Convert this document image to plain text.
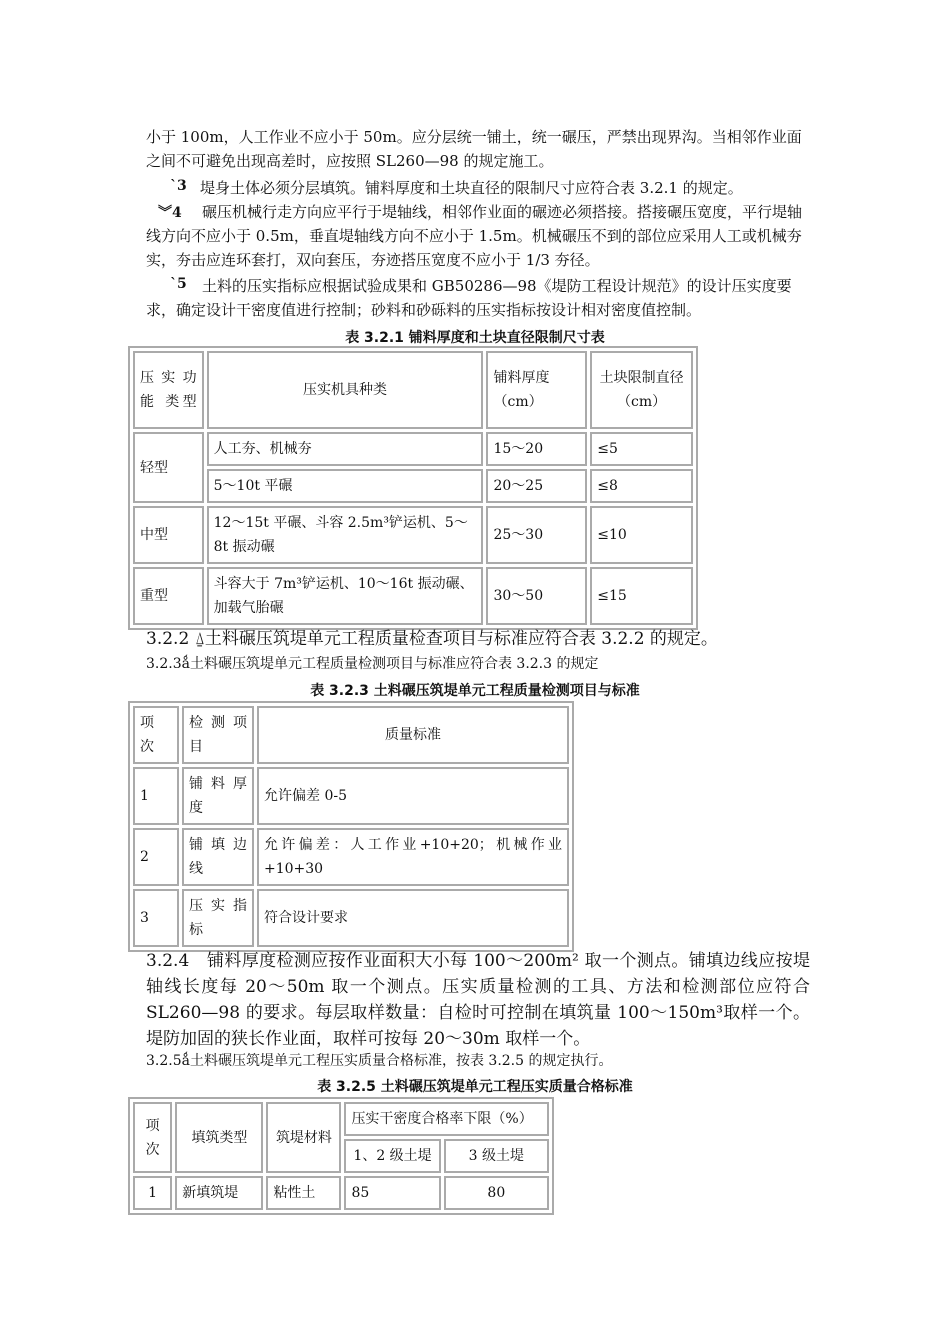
小于 100m，人工作业不应小于 50m。应分层统一铺土，统一碾压，严禁出现界沟。当相邻作业面之间不可避免出现高差时，应按照 SL260—98 的规定施工。
`3 堤身土体必须分层填筑。铺料厚度和土块直径的限制尺寸应符合表 3.2.1 的规定。
︾4	碾压机械行走方向应平行于堤轴线，相邻作业面的碾迹必须搭接。搭接碾压宽度，平行堤轴线方向不应小于 0.5m，垂直堤轴线方向不应小于 1.5m。机械碾压不到的部位应采用人工或机械夯实，夯击应连环套打，双向套压，夯迹搭压宽度不应小于 1/3 夯径。
`5	土料的压实指标应根据试验成果和 GB50286—98《堤防工程设计规范》的设计压实度要求，确定设计干密度值进行控制；砂料和砂砾料的压实指标按设计相对密度值控制。
表 3.2.1 铺料厚度和土块直径限制尺寸表
压 实 功 能 类型	压实机具种类	铺料厚度（cm）	土块限制直径（cm）
轻型	人工夯、机械夯	15～20	≤5
	5～10t 平碾	20～25	≤8
中型	12～15t 平碾、斗容 2.5m³铲运机、5～8t 振动碾	25～30	≤10
重型	斗容大于 7m³铲运机、10～16t 振动碾、加载气胎碾	30～50	≤15
3.2.2 ⍙土料碾压筑堤单元工程质量检查项目与标准应符合表 3.2.2 的规定。
3.2.3ǻ土料碾压筑堤单元工程质量检测项目与标准应符合表 3.2.3 的规定
表 3.2.3 土料碾压筑堤单元工程质量检测项目与标准
项 次	检 测 项 目	质量标准
1	铺 料 厚 度	允许偏差 0-5
2	铺 填 边 线	允许偏差：人工作业+10+20；机械作业+10+30
3	压 实 指 标	符合设计要求
3.2.4　铺料厚度检测应按作业面积大小每 100～200m² 取一个测点。铺填边线应按堤轴线长度每 20～50m 取一个测点。压实质量检测的工具、方法和检测部位应符合 SL260—98 的要求。每层取样数量：自检时可控制在填筑量 100～150m³取样一个。堤防加固的狭长作业面，取样可按每 20～30m 取样一个。
3.2.5ǻ土料碾压筑堤单元工程压实质量合格标准，按表 3.2.5 的规定执行。
表 3.2.5 土料碾压筑堤单元工程压实质量合格标准
项 次	填筑类型	筑堤材料	压实干密度合格率下限（%）	
			1、2 级土堤	3 级土堤
1	新填筑堤	粘性土	85	80
